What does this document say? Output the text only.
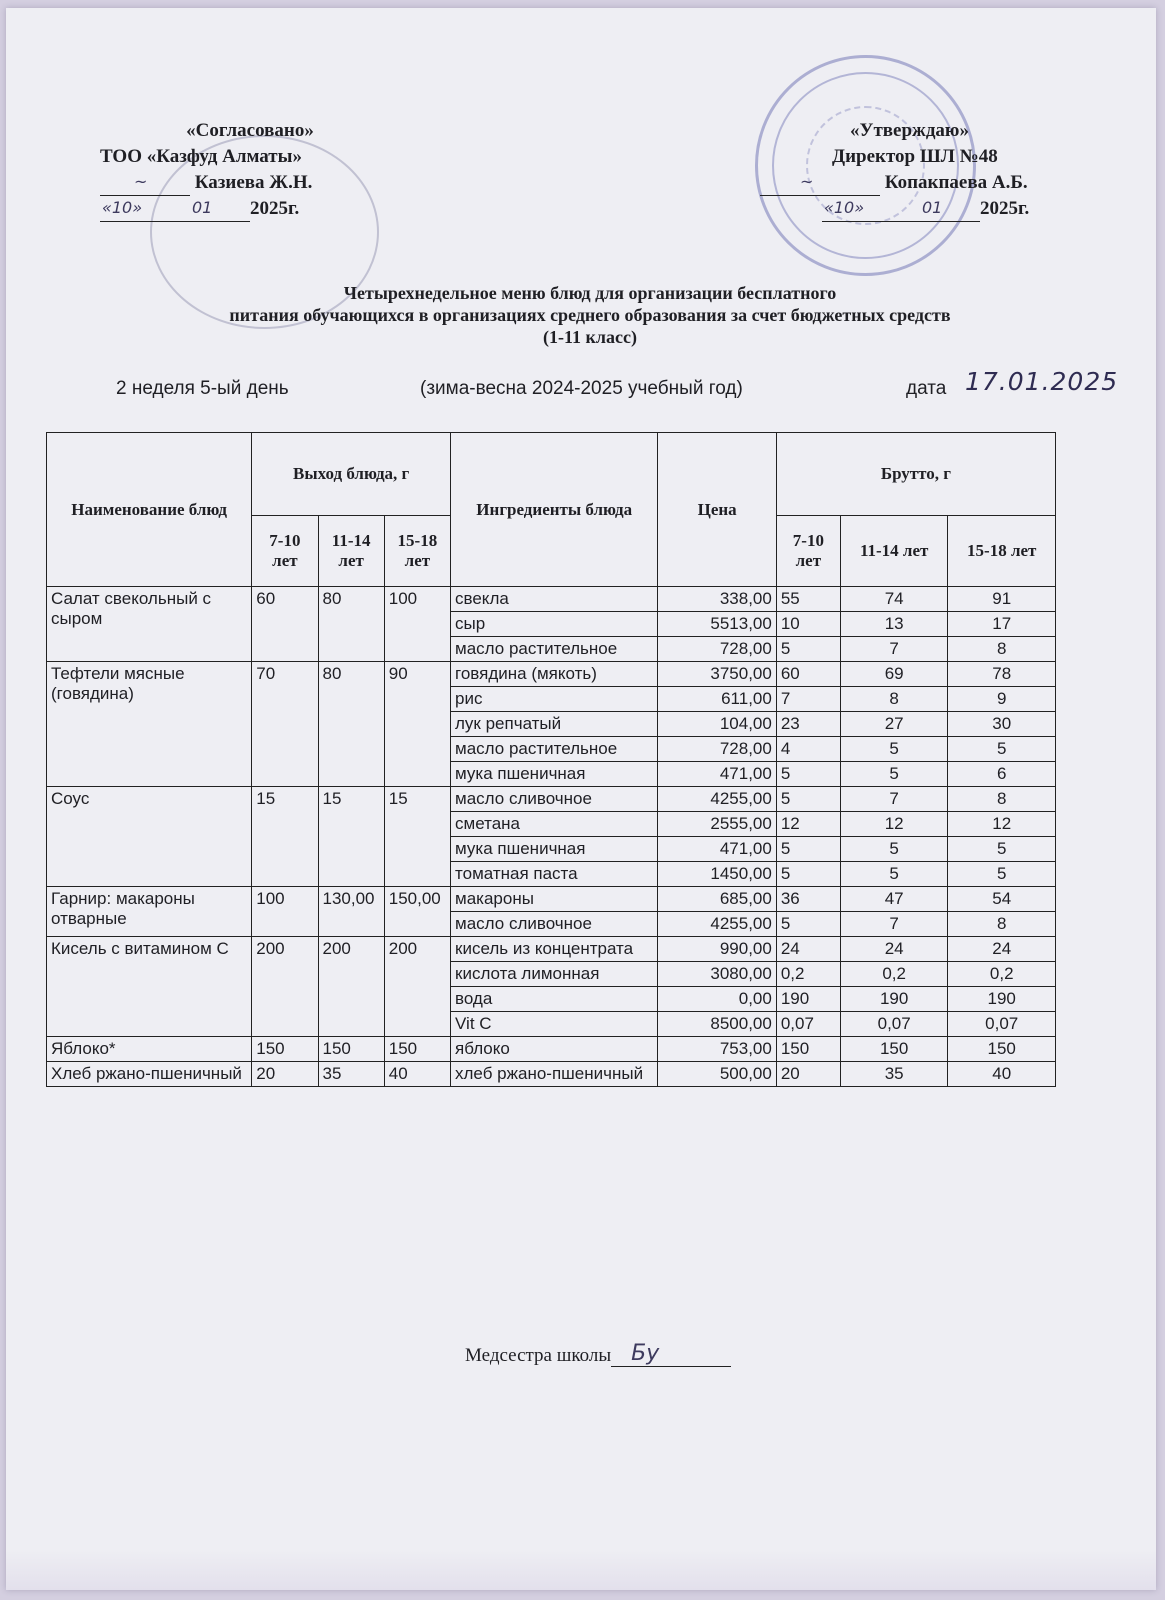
«Согласовано»
ТОО «Казфуд Алматы»
~ Казиева Ж.Н.
«10»	01 2025г.
«Утверждаю»
Директор ШЛ №48
~	Копакпаева А.Б.
«10»	01 2025г.
Четырехнедельное меню блюд для организации бесплатного
питания обучающихся в организациях среднего образования за счет бюджетных средств
(1-11 класс)
2 неделя 5-ый день	(зима-весна 2024-2025 учебный год)	дата 17.01.2025
Наименование блюд	Выход блюда, г			Ингредиенты блюда	Цена	Брутто, г		
	7-10 лет	11-14 лет	15-18 лет			7-10 лет	11-14 лет	15-18 лет
Салат свекольный с сыром	60	80	100	свекла	338,00	55	74	91
				сыр	5513,00	10	13	17
				масло растительное	728,00	5	7	8
Тефтели мясные (говядина)	70	80	90	говядина (мякоть)	3750,00	60	69	78
				рис	611,00	7	8	9
				лук репчатый	104,00	23	27	30
				масло растительное	728,00	4	5	5
				мука пшеничная	471,00	5	5	6
Соус	15	15	15	масло сливочное	4255,00	5	7	8
				сметана	2555,00	12	12	12
				мука пшеничная	471,00	5	5	5
				томатная паста	1450,00	5	5	5
Гарнир: макароны отварные	100	130,00	150,00	макароны	685,00	36	47	54
				масло сливочное	4255,00	5	7	8
Кисель с витамином С	200	200	200	кисель из концентрата	990,00	24	24	24
				кислота лимонная	3080,00	0,2	0,2	0,2
				вода	0,00	190	190	190
				Vit C	8500,00	0,07	0,07	0,07
Яблоко*	150	150	150	яблоко	753,00	150	150	150
Хлеб ржано-пшеничный	20	35	40	хлеб ржано-пшеничный	500,00	20	35	40
Медсестра школы Бу
